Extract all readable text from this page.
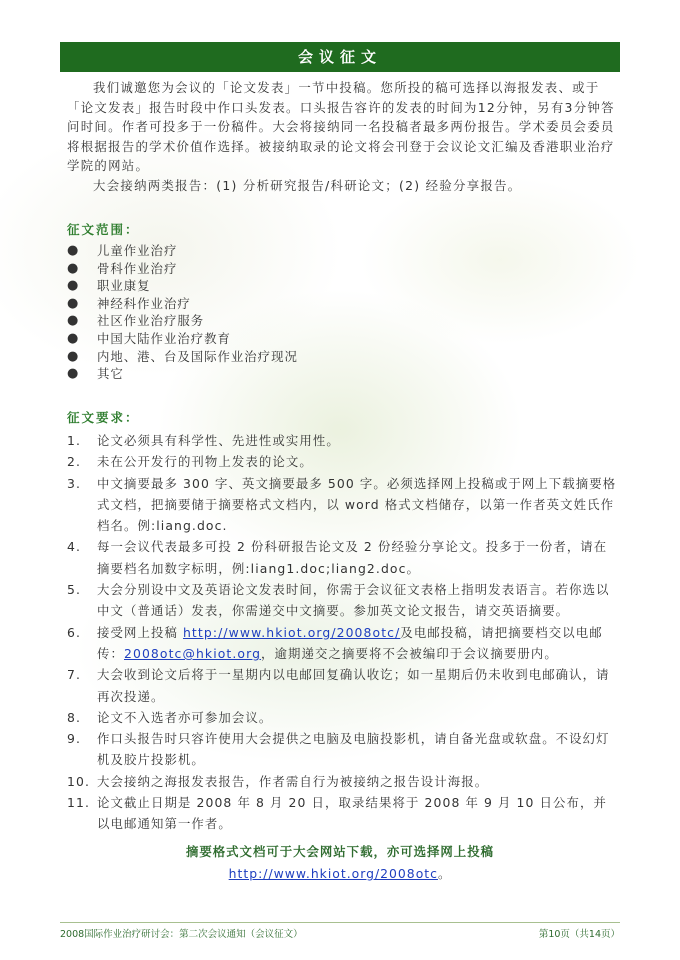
会议征文

我们诚邀您为会议的「论文发表」一节中投稿。您所投的稿可选择以海报发表、或于「论文发表」报告时段中作口头发表。口头报告容许的发表的时间为12分钟，另有3分钟答问时间。作者可投多于一份稿件。大会将接纳同一名投稿者最多两份报告。学术委员会委员将根据报告的学术价值作选择。被接纳取录的论文将会刊登于会议论文汇编及香港职业治疗学院的网站。

大会接纳两类报告：(1) 分析研究报告/科研论文；(2) 经验分享报告。

征文范围：
● 儿童作业治疗
● 骨科作业治疗
● 职业康复
● 神经科作业治疗
● 社区作业治疗服务
● 中国大陆作业治疗教育
● 内地、港、台及国际作业治疗现况
● 其它
征文要求：
1. 论文必须具有科学性、先进性或实用性。
2. 未在公开发行的刊物上发表的论文。
3. 中文摘要最多 300 字、英文摘要最多 500 字。必须选择网上投稿或于网上下载摘要格式文档，把摘要储于摘要格式文档内，以 word 格式文档储存，以第一作者英文姓氏作档名。例:liang.doc.
4. 每一会议代表最多可投 2 份科研报告论文及 2 份经验分享论文。投多于一份者，请在摘要档名加数字标明，例:liang1.doc;liang2.doc。
5. 大会分别设中文及英语论文发表时间，你需于会议征文表格上指明发表语言。若你选以中文（普通话）发表，你需递交中文摘要。参加英文论文报告，请交英语摘要。
6. 接受网上投稿 http://www.hkiot.org/2008otc/及电邮投稿，请把摘要档交以电邮传：2008otc@hkiot.org，逾期递交之摘要将不会被编印于会议摘要册内。
7. 大会收到论文后将于一星期内以电邮回复确认收讫；如一星期后仍未收到电邮确认，请再次投递。
8. 论文不入选者亦可参加会议。
9. 作口头报告时只容许使用大会提供之电脑及电脑投影机，请自备光盘或软盘。不设幻灯机及胶片投影机。
10. 大会接纳之海报发表报告，作者需自行为被接纳之报告设计海报。
11. 论文截止日期是 2008 年 8 月 20 日，取录结果将于 2008 年 9 月 10 日公布，并以电邮通知第一作者。
摘要格式文档可于大会网站下载，亦可选择网上投稿
http://www.hkiot.org/2008otc。
2008国际作业治疗研讨会：第二次会议通知（会议征文）	第10页（共14页）
